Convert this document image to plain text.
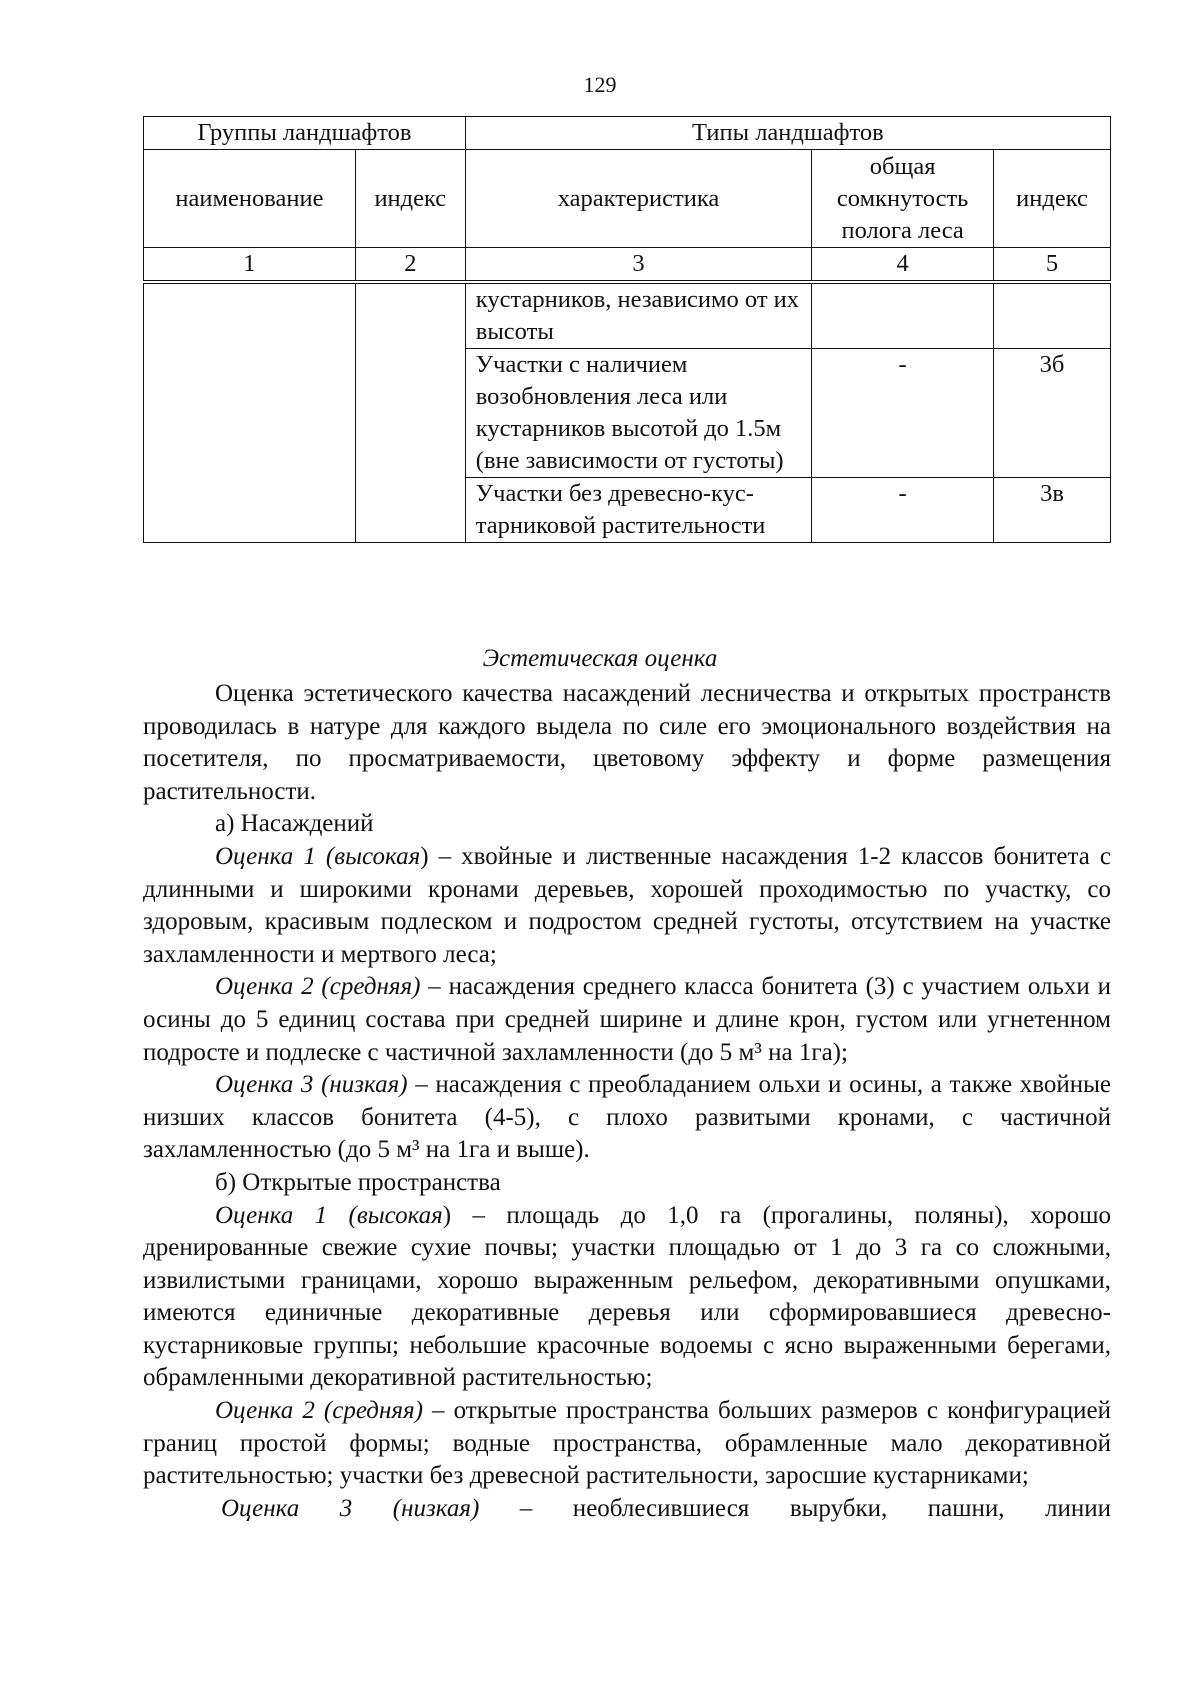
129
Группы ландшафтов		Типы ландшафтов		
наименование	индекс	характеристика	общая сомкнутость полога леса	индекс
1	2	3	4	5
		кустарников, независимо от их высоты		
		Участки с наличием возобновления леса или кустарников высотой до 1.5м (вне зависимости от густоты)	-	3б
		Участки без древесно-кус-тарниковой растительности	-	3в
Эстетическая оценка

Оценка эстетического качества насаждений лесничества и открытых пространств проводилась в натуре для каждого выдела по силе его эмоционального воздействия на посетителя, по просматриваемости, цветовому эффекту и форме размещения растительности.

а) Насаждений

Оценка 1 (высокая) – хвойные и лиственные насаждения 1-2 классов бонитета с длинными и широкими кронами деревьев, хорошей проходимостью по участку, со здоровым, красивым подлеском и подростом средней густоты, отсутствием на участке захламленности и мертвого леса;

Оценка 2 (средняя) – насаждения среднего класса бонитета (3) с участием ольхи и осины до 5 единиц состава при средней ширине и длине крон, густом или угнетенном подросте и подлеске с частичной захламленности (до 5 м³ на 1га);

Оценка 3 (низкая) – насаждения с преобладанием ольхи и осины, а также хвойные низших классов бонитета (4-5), с плохо развитыми кронами, с частичной захламленностью (до 5 м³ на 1га и выше).

б) Открытые пространства

Оценка 1 (высокая) – площадь до 1,0 га (прогалины, поляны), хорошо дренированные свежие сухие почвы; участки площадью от 1 до 3 га со сложными, извилистыми границами, хорошо выраженным рельефом, декоративными опушками, имеются единичные декоративные деревья или сформировавшиеся древесно-кустарниковые группы; небольшие красочные водоемы с ясно выраженными берегами, обрамленными декоративной растительностью;

Оценка 2 (средняя) – открытые пространства больших размеров с конфигурацией границ простой формы; водные пространства, обрамленные мало декоративной растительностью; участки без древесной растительности, заросшие кустарниками;

Оценка 3 (низкая) – необлесившиеся вырубки, пашни, линии
